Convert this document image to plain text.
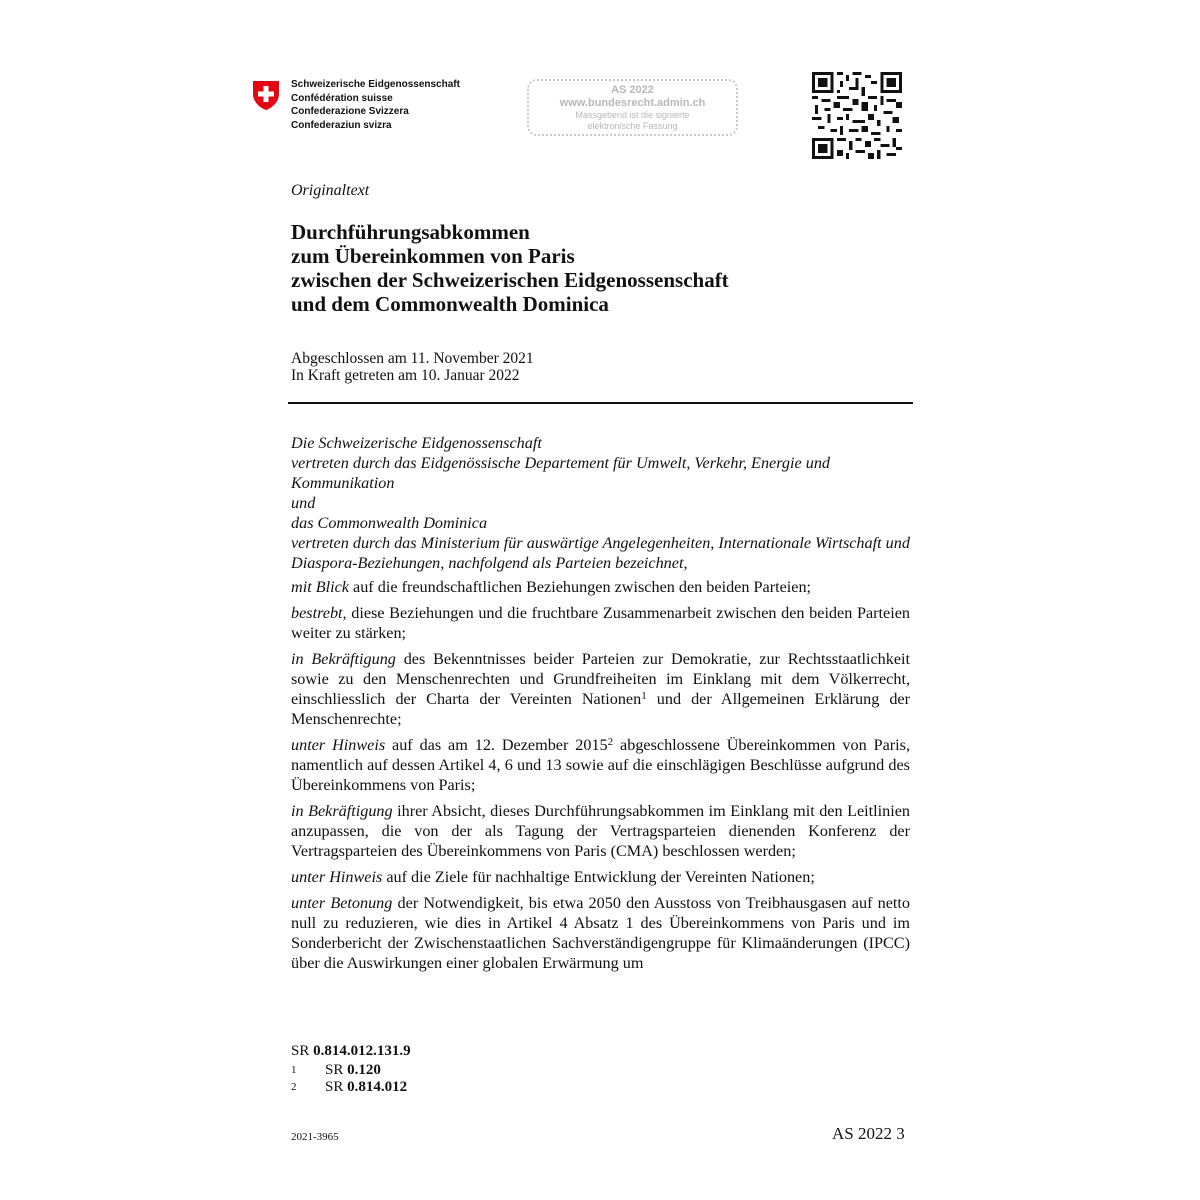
Schweizerische Eidgenossenschaft
Confédération suisse
Confederazione Svizzera
Confederaziun svizra
AS 2022
www.bundesrecht.admin.ch
Massgebend ist die signierte
elektronische Fassung
Originaltext
Durchführungsabkommen
zum Übereinkommen von Paris
zwischen der Schweizerischen Eidgenossenschaft
und dem Commonwealth Dominica
Abgeschlossen am 11. November 2021
In Kraft getreten am 10. Januar 2022
Die Schweizerische Eidgenossenschaft
vertreten durch das Eidgenössische Departement für Umwelt, Verkehr, Energie und Kommunikation
und
das Commonwealth Dominica
vertreten durch das Ministerium für auswärtige Angelegenheiten, Internationale Wirtschaft und Diaspora-Beziehungen, nachfolgend als Parteien bezeichnet,

mit Blick auf die freundschaftlichen Beziehungen zwischen den beiden Parteien;

bestrebt, diese Beziehungen und die fruchtbare Zusammenarbeit zwischen den beiden Parteien weiter zu stärken;

in Bekräftigung des Bekenntnisses beider Parteien zur Demokratie, zur Rechtsstaatlichkeit sowie zu den Menschenrechten und Grundfreiheiten im Einklang mit dem Völkerrecht, einschliesslich der Charta der Vereinten Nationen$^1$ und der Allgemeinen Erklärung der Menschenrechte;

unter Hinweis auf das am 12. Dezember 2015$^2$ abgeschlossene Übereinkommen von Paris, namentlich auf dessen Artikel 4, 6 und 13 sowie auf die einschlägigen Beschlüsse aufgrund des Übereinkommens von Paris;

in Bekräftigung ihrer Absicht, dieses Durchführungsabkommen im Einklang mit den Leitlinien anzupassen, die von der als Tagung der Vertragsparteien dienenden Konferenz der Vertragsparteien des Übereinkommens von Paris (CMA) beschlossen werden;

unter Hinweis auf die Ziele für nachhaltige Entwicklung der Vereinten Nationen;

unter Betonung der Notwendigkeit, bis etwa 2050 den Ausstoss von Treibhausgasen auf netto null zu reduzieren, wie dies in Artikel 4 Absatz 1 des Übereinkommens von Paris und im Sonderbericht der Zwischenstaatlichen Sachverständigengruppe für Klimaänderungen (IPCC) über die Auswirkungen einer globalen Erwärmung um

SR 0.814.012.131.9
1	SR
0.120
2	SR
0.814.012
2021-3965	AS 2022 3
